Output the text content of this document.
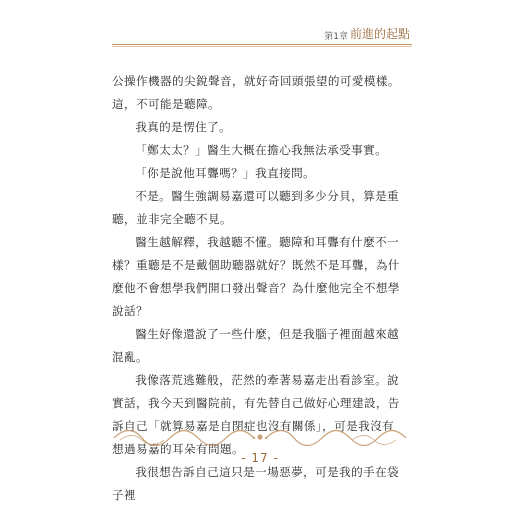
第1章 前進的起點

公操作機器的尖銳聲音，就好奇回頭張望的可愛模樣。這，不可能是聽障。

我真的是愣住了。

「鄭太太？」醫生大概在擔心我無法承受事實。

「你是說他耳聾嗎？」我直接問。

不是。醫生強調易嘉還可以聽到多少分貝，算是重聽，並非完全聽不見。

醫生越解釋，我越聽不懂。聽障和耳聾有什麼不一樣？重聽是不是戴個助聽器就好？既然不是耳聾，為什麼他不會想學我們開口發出聲音？為什麼他完全不想學說話？

醫生好像還說了一些什麼，但是我腦子裡面越來越混亂。

我像落荒逃難般，茫然的牽著易嘉走出看診室。說實話，我今天到醫院前，有先替自己做好心理建設，告訴自己「就算易嘉是自閉症也沒有關係」，可是我沒有想過易嘉的耳朵有問題。

我很想告訴自己這只是一場惡夢，可是我的手在袋子裡

- 17 -
